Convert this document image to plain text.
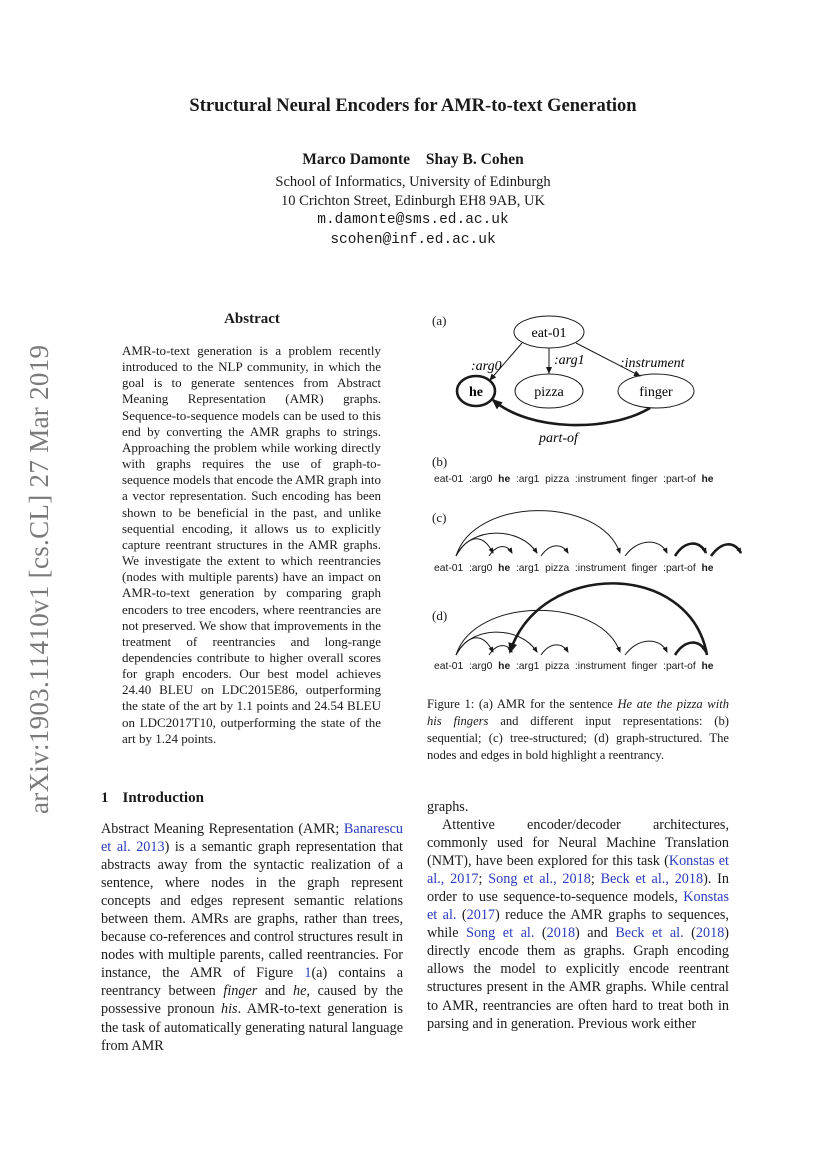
Structural Neural Encoders for AMR-to-text Generation
Marco Damonte Shay B. Cohen
School of Informatics, University of Edinburgh
10 Crichton Street, Edinburgh EH8 9AB, UK
m.damonte@sms.ed.ac.uk
scohen@inf.ed.ac.uk
arXiv:1903.11410v1 [cs.CL] 27 Mar 2019
Abstract
AMR-to-text generation is a problem recently introduced to the NLP community, in which the goal is to generate sentences from Abstract Meaning Representation (AMR) graphs. Sequence-to-sequence models can be used to this end by converting the AMR graphs to strings. Approaching the problem while working directly with graphs requires the use of graph-to-sequence models that encode the AMR graph into a vector representation. Such encoding has been shown to be beneficial in the past, and unlike sequential encoding, it allows us to explicitly capture reentrant structures in the AMR graphs. We investigate the extent to which reentrancies (nodes with multiple parents) have an impact on AMR-to-text generation by comparing graph encoders to tree encoders, where reentrancies are not preserved. We show that improvements in the treatment of reentrancies and long-range dependencies contribute to higher overall scores for graph encoders. Our best model achieves 24.40 BLEU on LDC2015E86, outperforming the state of the art by 1.1 points and 24.54 BLEU on LDC2017T10, outperforming the state of the art by 1.24 points.
(a)
(b)
(c)
(d)
eat-01
he	pizza	finger
:arg0	:arg1	:instrument
part-of
eat-01 :arg0 he :arg1 pizza :instrument finger :part-of he
eat-01 :arg0 he :arg1 pizza :instrument finger :part-of he
eat-01 :arg0 he :arg1 pizza :instrument finger :part-of he
Figure 1: (a) AMR for the sentence He ate the pizza with his fingers and different input representations: (b) sequential; (c) tree-structured; (d) graph-structured. The nodes and edges in bold highlight a reentrancy.
1 Introduction

Abstract Meaning Representation (AMR; Banarescu et al. 2013) is a semantic graph representation that abstracts away from the syntactic realization of a sentence, where nodes in the graph represent concepts and edges represent semantic relations between them. AMRs are graphs, rather than trees, because co-references and control structures result in nodes with multiple parents, called reentrancies. For instance, the AMR of Figure 1(a) contains a reentrancy between finger and he, caused by the possessive pronoun his. AMR-to-text generation is the task of automatically generating natural language from AMR

graphs.

Attentive encoder/decoder architectures, commonly used for Neural Machine Translation (NMT), have been explored for this task (Konstas et al., 2017; Song et al., 2018; Beck et al., 2018). In order to use sequence-to-sequence models, Konstas et al. (2017) reduce the AMR graphs to sequences, while Song et al. (2018) and Beck et al. (2018) directly encode them as graphs. Graph encoding allows the model to explicitly encode reentrant structures present in the AMR graphs. While central to AMR, reentrancies are often hard to treat both in parsing and in generation. Previous work either
